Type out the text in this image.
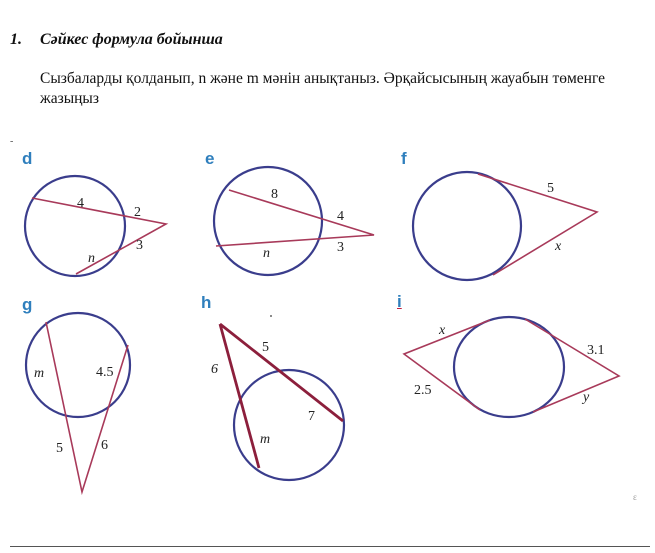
1. Сәйкес формула бойынша
Сызбаларды қолданып, n және m мәнін анықтаныз. Әрқайсысының жауабын төменге жазыңыз
-
d	e	f
g	h	i
4
2
3
n
8
4
n	3
5
x
m	4.5
5	6
5
6
7
m
x
3.1
2.5	y
ε
